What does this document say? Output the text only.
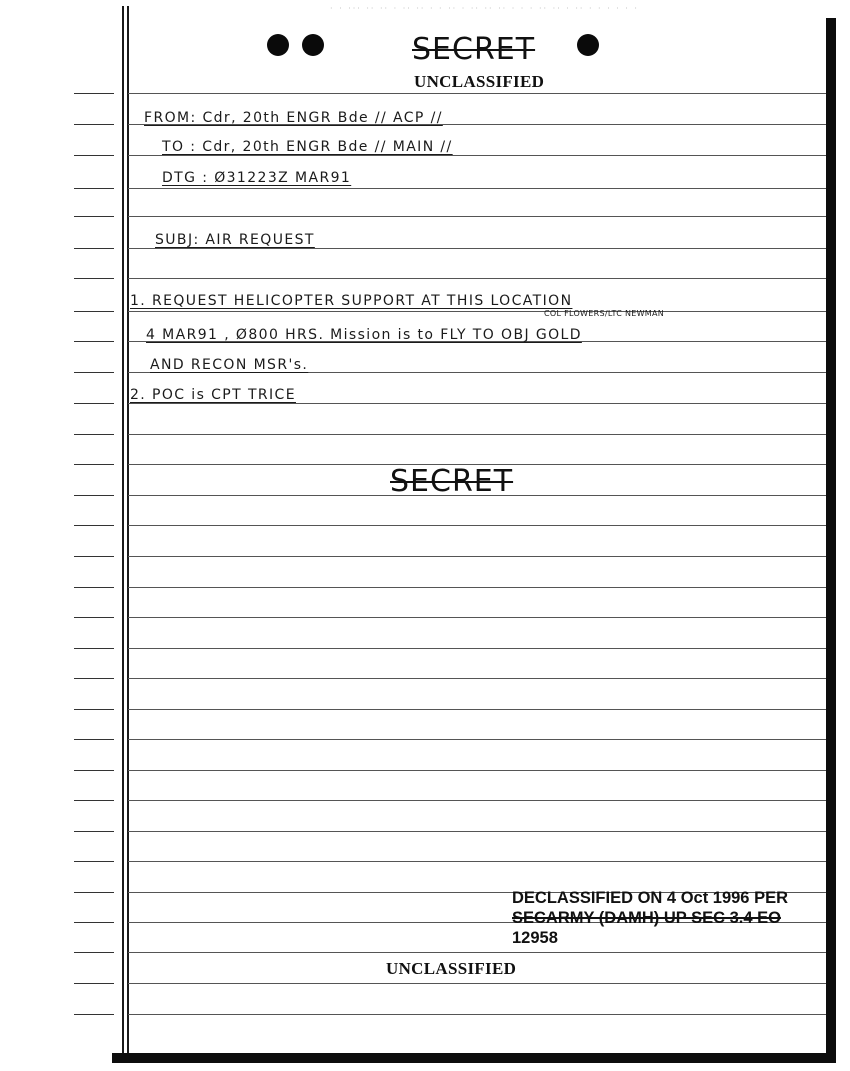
· · ··· ·· ·· · ·· ·· · · ·· · ·· ·· ·· · · · ·· ·· · ·· · · · · · ·
SECRET
UNCLASSIFIED
FROM: Cdr, 20th ENGR Bde // ACP //
TO : Cdr, 20th ENGR Bde // MAIN //
DTG : Ø31223Z MAR91
SUBJ: AIR REQUEST
1. REQUEST HELICOPTER SUPPORT AT THIS LOCATION
COL FLOWERS/LTC NEWMAN
4 MAR91 , Ø800 HRS. Mission is to FLY TO OBJ GOLD
AND RECON MSR's.
2. POC is CPT TRICE
SECRET
DECLASSIFIED ON 4 Oct 1996 PER
SECARMY (DAMH) UP SEC 3.4 EO
12958
UNCLASSIFIED
